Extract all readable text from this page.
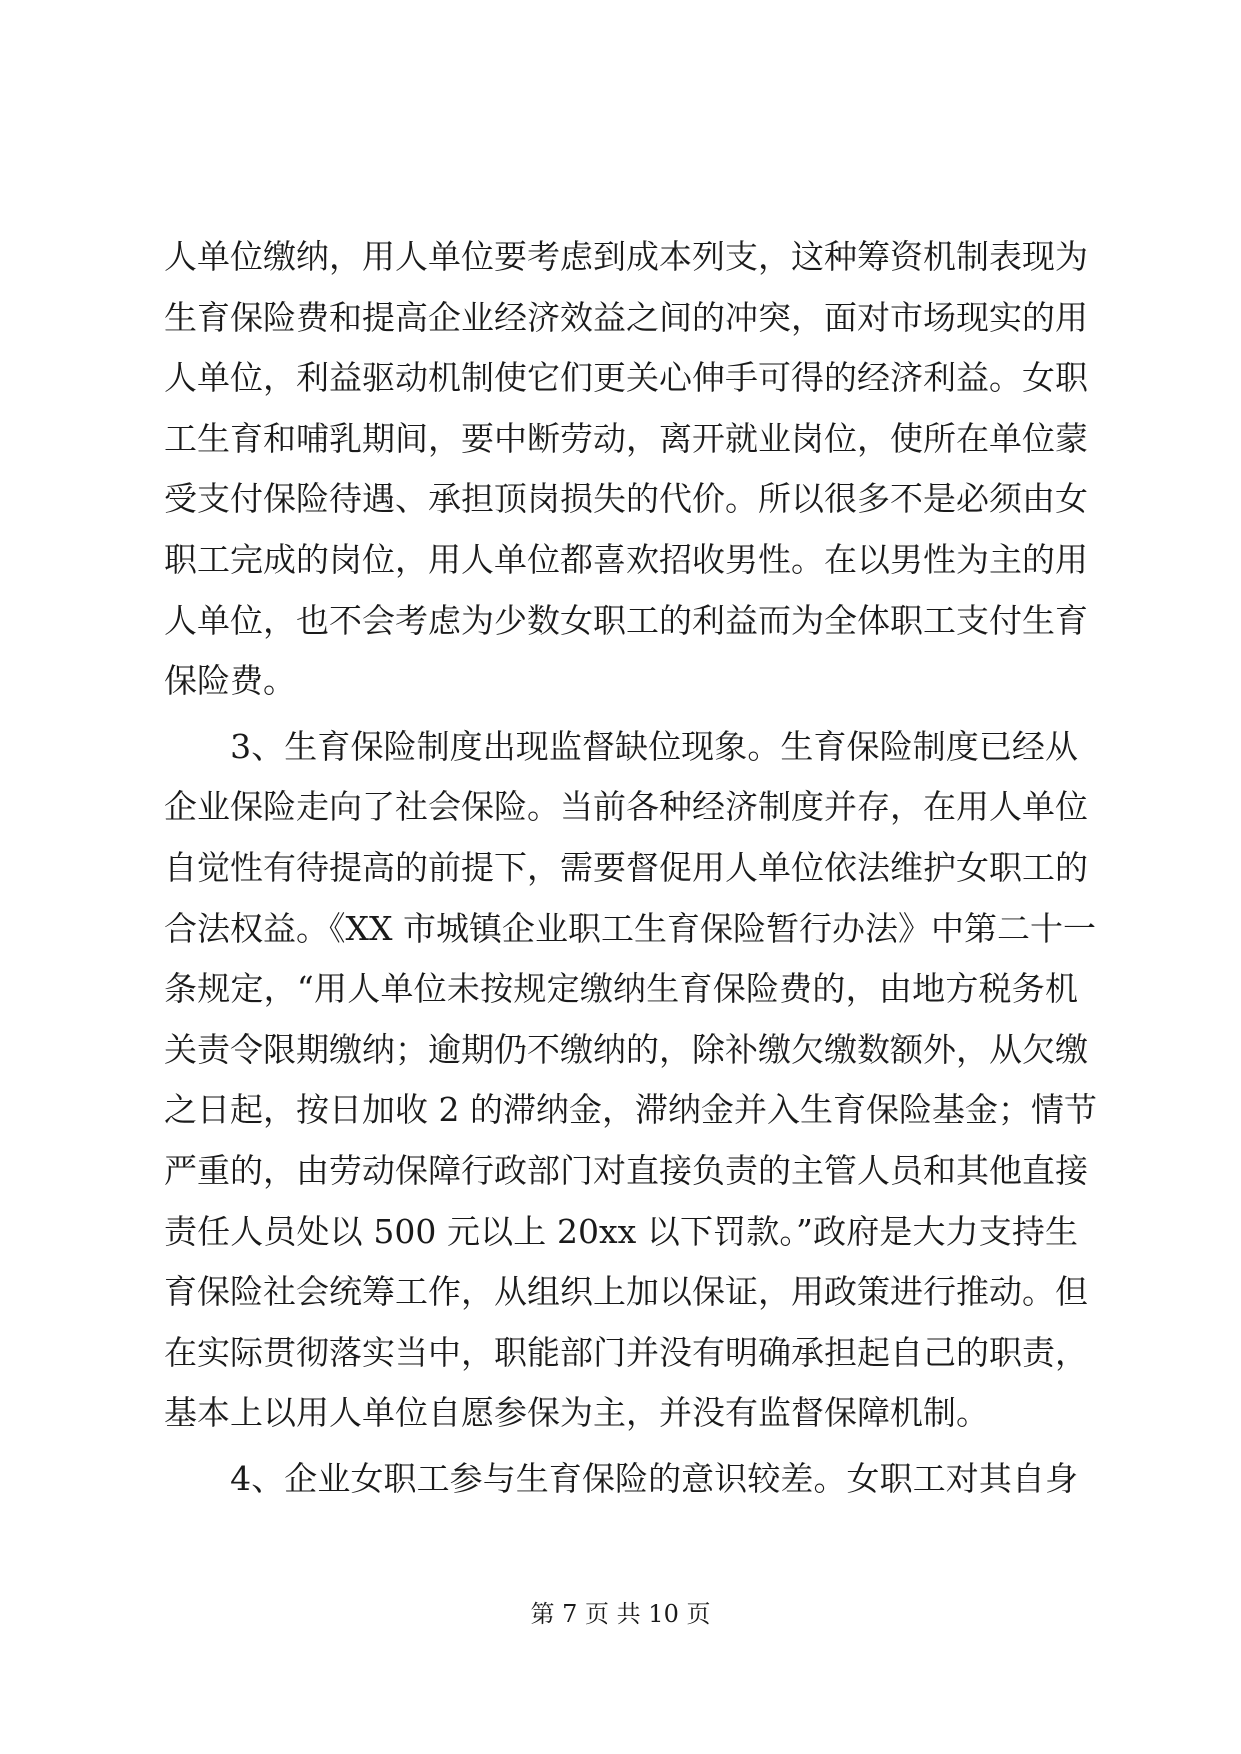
人单位缴纳，用人单位要考虑到成本列支，这种筹资机制表现为
生育保险费和提高企业经济效益之间的冲突，面对市场现实的用
人单位，利益驱动机制使它们更关心伸手可得的经济利益。女职
工生育和哺乳期间，要中断劳动，离开就业岗位，使所在单位蒙
受支付保险待遇、承担顶岗损失的代价。所以很多不是必须由女
职工完成的岗位，用人单位都喜欢招收男性。在以男性为主的用
人单位，也不会考虑为少数女职工的利益而为全体职工支付生育
保险费。
　　3、生育保险制度出现监督缺位现象。生育保险制度已经从
企业保险走向了社会保险。当前各种经济制度并存，在用人单位
自觉性有待提高的前提下，需要督促用人单位依法维护女职工的
合法权益。《XX 市城镇企业职工生育保险暂行办法》中第二十一
条规定，“用人单位未按规定缴纳生育保险费的，由地方税务机
关责令限期缴纳；逾期仍不缴纳的，除补缴欠缴数额外，从欠缴
之日起，按日加收 2 的滞纳金，滞纳金并入生育保险基金；情节
严重的，由劳动保障行政部门对直接负责的主管人员和其他直接
责任人员处以 500 元以上 20xx 以下罚款。”政府是大力支持生
育保险社会统筹工作，从组织上加以保证，用政策进行推动。但
在实际贯彻落实当中，职能部门并没有明确承担起自己的职责，
基本上以用人单位自愿参保为主，并没有监督保障机制。
　　4、企业女职工参与生育保险的意识较差。女职工对其自身
第 7 页 共 10 页
